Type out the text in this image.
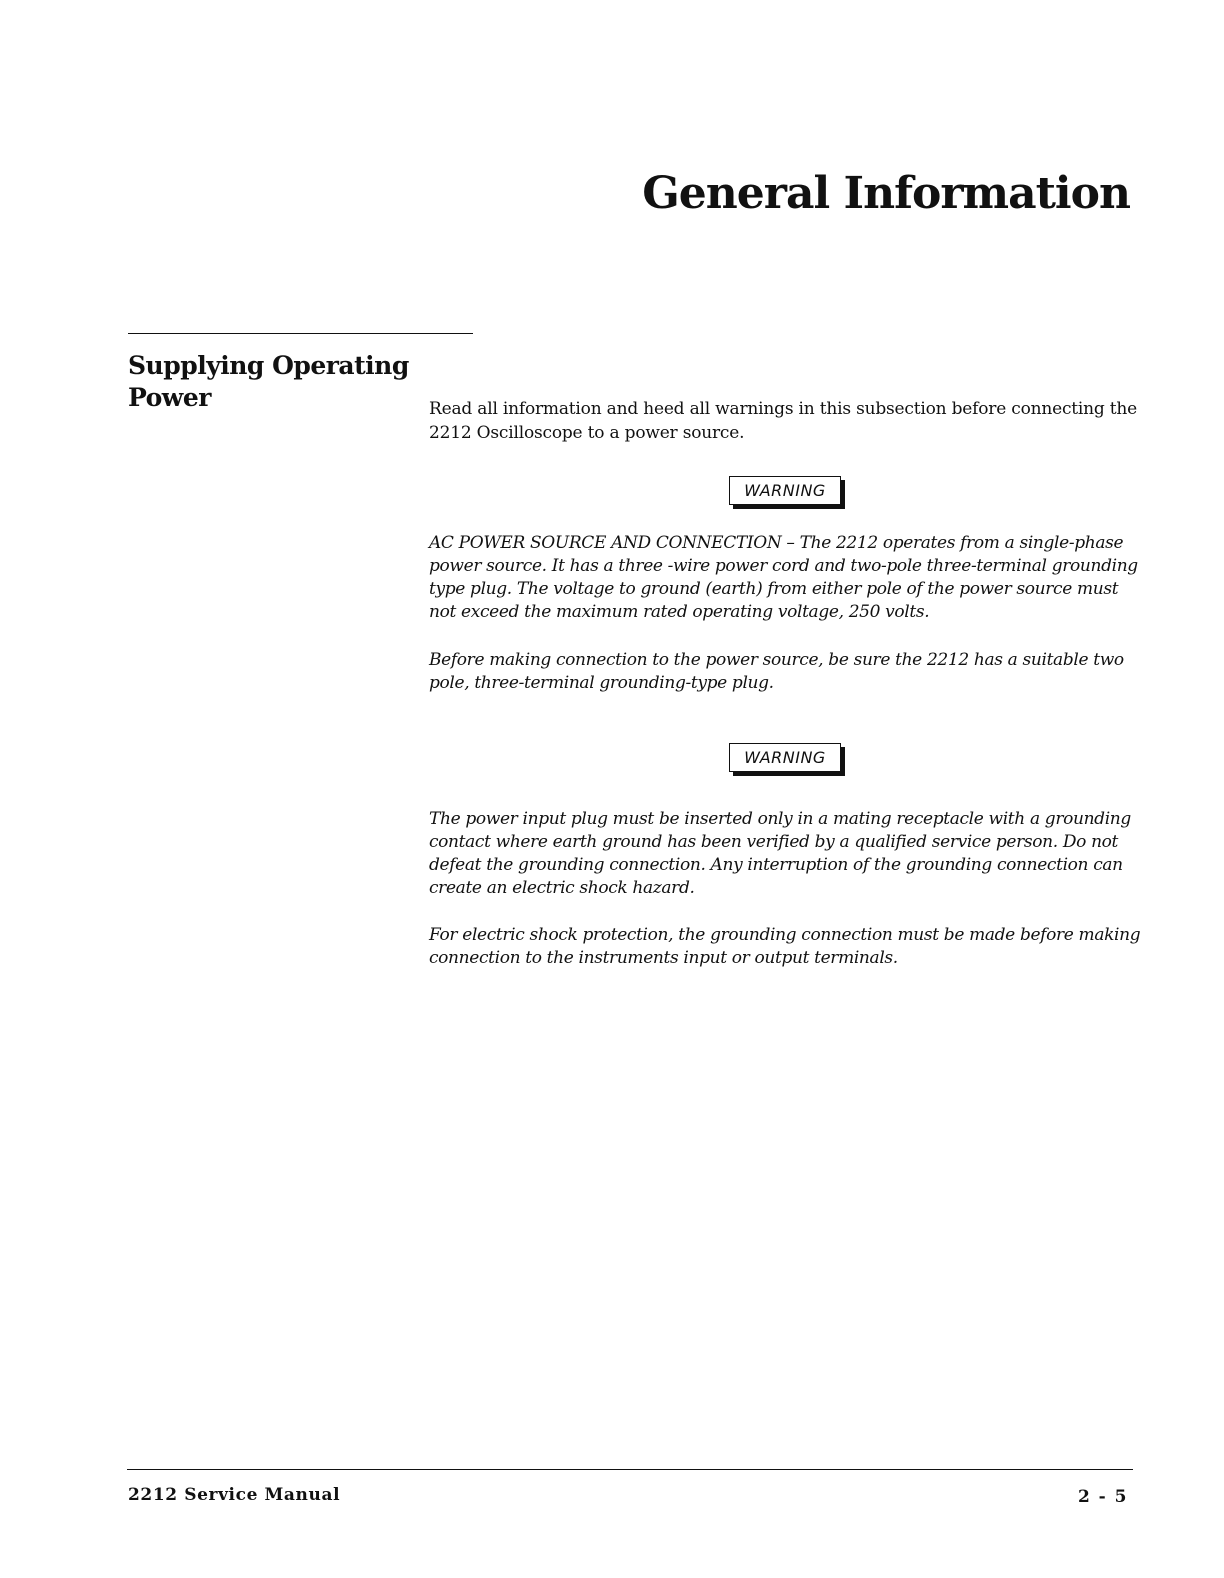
General Information
Supplying Operating Power	Read all information and heed all warnings in this subsection before connecting the 2212 Oscilloscope to a power source.

WARNING

AC POWER SOURCE AND CONNECTION – The 2212 operates from a single-phase power source. It has a three -wire power cord and two-pole three-terminal grounding type plug. The voltage to ground (earth) from either pole of the power source must not exceed the maximum rated operating voltage, 250 volts.

Before making connection to the power source, be sure the 2212 has a suitable two pole, three-terminal grounding-type plug.

WARNING

The power input plug must be inserted only in a mating receptacle with a grounding contact where earth ground has been verified by a qualified service person. Do not defeat the grounding connection. Any interruption of the grounding connection can create an electric shock hazard.

For electric shock protection, the grounding connection must be made before making connection to the instruments input or output terminals.

2212 Service Manual	2 - 5
